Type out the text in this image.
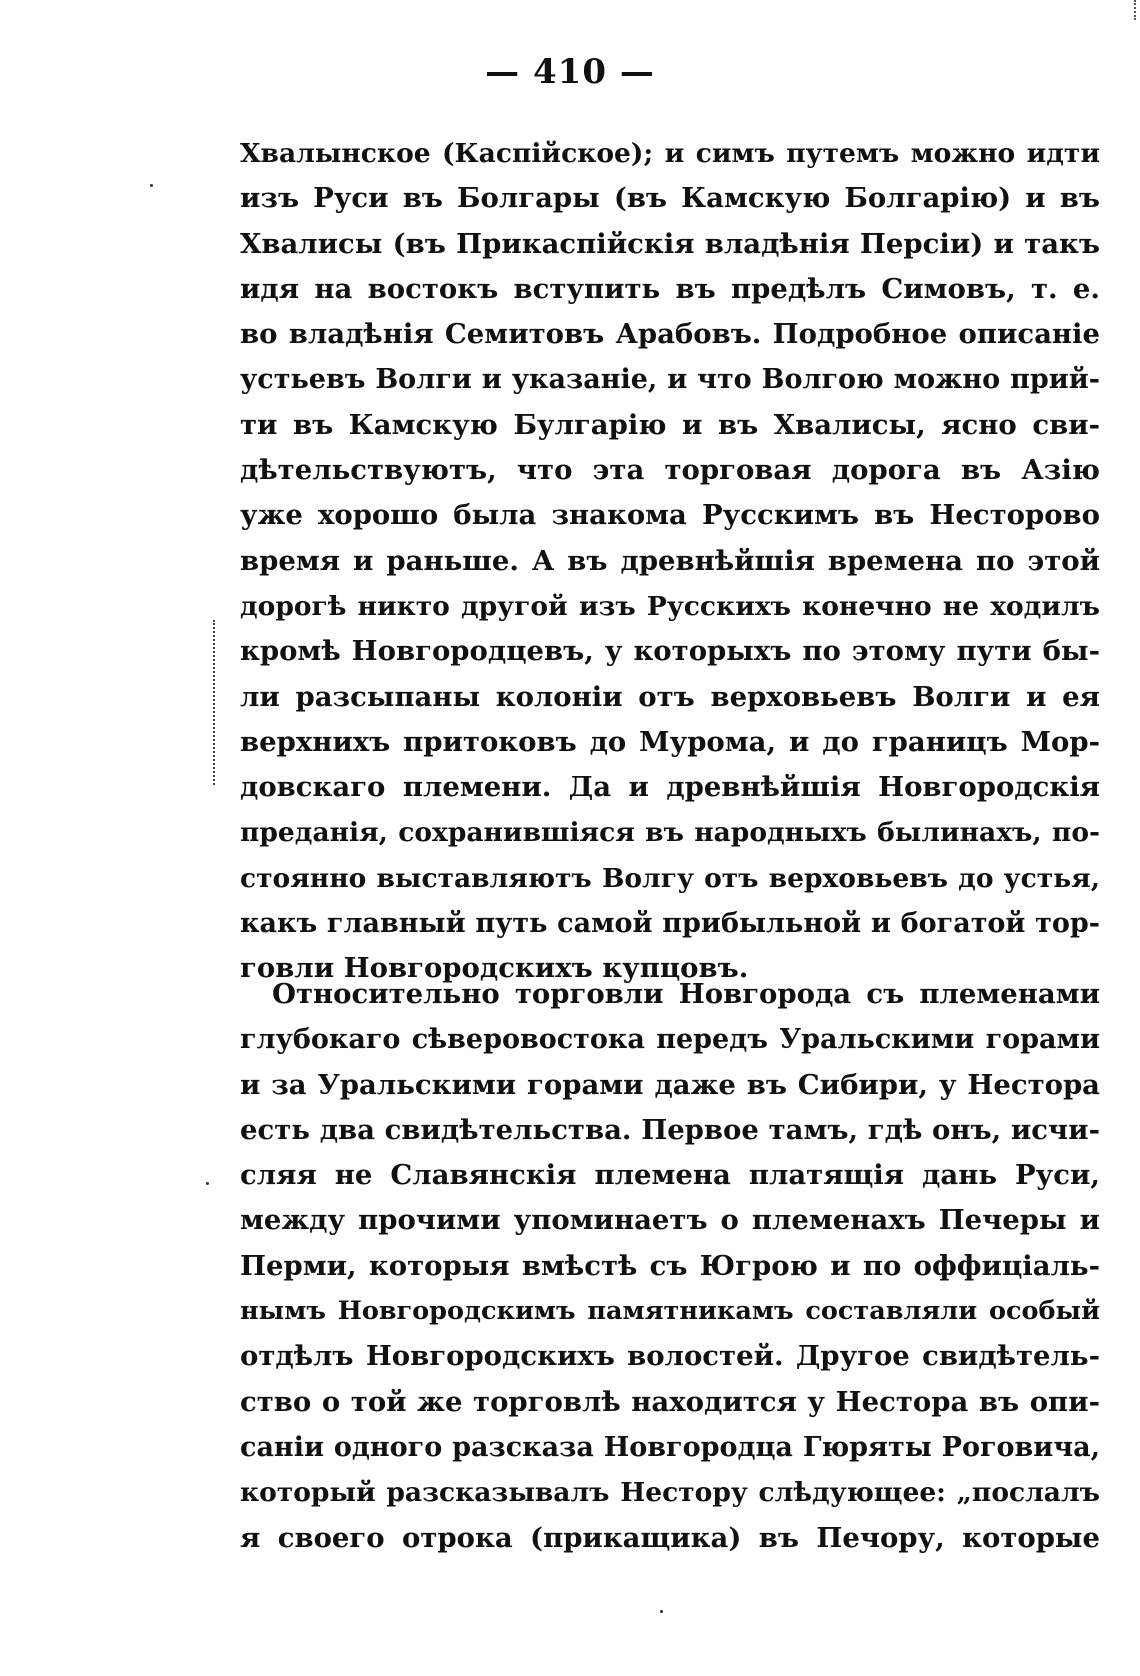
— 410 —
Хвалынское (Каспійское); и симъ путемъ можно идти
изъ Руси въ Болгары (въ Камскую Болгарію) и въ
Хвалисы (въ Прикаспійскія владѣнія Персіи) и такъ
идя на востокъ вступить въ предѣлъ Симовъ, т. е.
во владѣнія Семитовъ Арабовъ. Подробное описаніе
устьевъ Волги и указаніе, и что Волгою можно прий-
ти въ Камскую Булгарію и въ Хвалисы, ясно сви-
дѣтельствуютъ, что эта торговая дорога въ Азію
уже хорошо была знакома Русскимъ въ Несторово
время и раньше. А въ древнѣйшія времена по этой
дорогѣ никто другой изъ Русскихъ конечно не ходилъ
кромѣ Новгородцевъ, у которыхъ по этому пути бы-
ли разсыпаны колоніи отъ верховьевъ Волги и ея
верхнихъ притоковъ до Мурома, и до границъ Мор-
довскаго племени. Да и древнѣйшія Новгородскія
преданія, сохранившіяся въ народныхъ былинахъ, по-
стоянно выставляютъ Волгу отъ верховьевъ до устья,
какъ главный путь самой прибыльной и богатой тор-
говли Новгородскихъ купцовъ.
Относительно торговли Новгорода съ племенами
глубокаго сѣверовостока передъ Уральскими горами
и за Уральскими горами даже въ Сибири, у Нестора
есть два свидѣтельства. Первое тамъ, гдѣ онъ, исчи-
сляя не Славянскія племена платящія дань Руси,
между прочими упоминаетъ о племенахъ Печеры и
Перми, которыя вмѣстѣ съ Югрою и по оффиціаль-
нымъ Новгородскимъ памятникамъ составляли особый
отдѣлъ Новгородскихъ волостей. Другое свидѣтель-
ство о той же торговлѣ находится у Нестора въ опи-
саніи одного разсказа Новгородца Гюряты Роговича,
который разсказывалъ Нестору слѣдующее: „послалъ
я своего отрока (прикащика) въ Печору, которые
